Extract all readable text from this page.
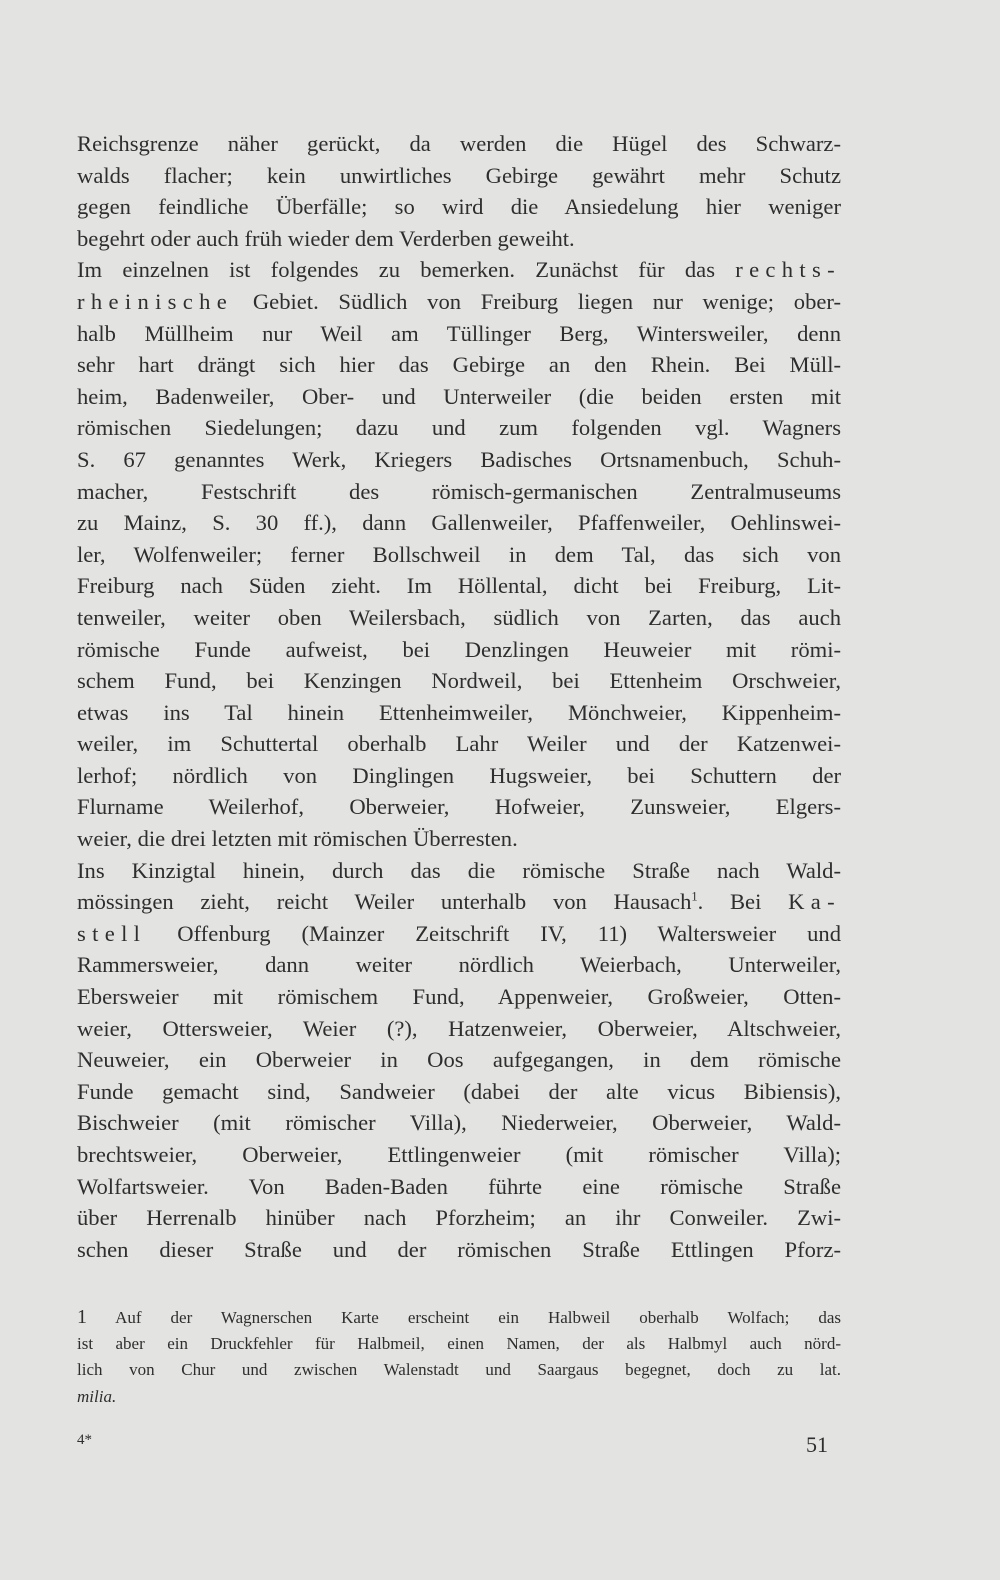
Reichsgrenze näher gerückt, da werden die Hügel des Schwarz-
walds flacher; kein unwirtliches Gebirge gewährt mehr Schutz
gegen feindliche Überfälle; so wird die Ansiedelung hier weniger
begehrt oder auch früh wieder dem Verderben geweiht.
Im einzelnen ist folgendes zu bemerken. Zunächst für das rechts-
rheinische Gebiet. Südlich von Freiburg liegen nur wenige; ober-
halb Müllheim nur Weil am Tüllinger Berg, Wintersweiler, denn
sehr hart drängt sich hier das Gebirge an den Rhein. Bei Müll-
heim, Badenweiler, Ober- und Unterweiler (die beiden ersten mit
römischen Siedelungen; dazu und zum folgenden vgl. Wagners
S. 67 genanntes Werk, Kriegers Badisches Ortsnamenbuch, Schuh-
macher, Festschrift des römisch-germanischen Zentralmuseums
zu Mainz, S. 30 ff.), dann Gallenweiler, Pfaffenweiler, Oehlinswei-
ler, Wolfenweiler; ferner Bollschweil in dem Tal, das sich von
Freiburg nach Süden zieht. Im Höllental, dicht bei Freiburg, Lit-
tenweiler, weiter oben Weilersbach, südlich von Zarten, das auch
römische Funde aufweist, bei Denzlingen Heuweier mit römi-
schem Fund, bei Kenzingen Nordweil, bei Ettenheim Orschweier,
etwas ins Tal hinein Ettenheimweiler, Mönchweier, Kippenheim-
weiler, im Schuttertal oberhalb Lahr Weiler und der Katzenwei-
lerhof; nördlich von Dinglingen Hugsweier, bei Schuttern der
Flurname Weilerhof, Oberweier, Hofweier, Zunsweier, Elgers-
weier, die drei letzten mit römischen Überresten.
Ins Kinzigtal hinein, durch das die römische Straße nach Wald-
mössingen zieht, reicht Weiler unterhalb von Hausach$^1$. Bei Ka-
stell Offenburg (Mainzer Zeitschrift IV, 11) Waltersweier und
Rammersweier, dann weiter nördlich Weierbach, Unterweiler,
Ebersweier mit römischem Fund, Appenweier, Großweier, Otten-
weier, Ottersweier, Weier (?), Hatzenweier, Oberweier, Altschweier,
Neuweier, ein Oberweier in Oos aufgegangen, in dem römische
Funde gemacht sind, Sandweier (dabei der alte vicus Bibiensis),
Bischweier (mit römischer Villa), Niederweier, Oberweier, Wald-
brechtsweier, Oberweier, Ettlingenweier (mit römischer Villa);
Wolfartsweier. Von Baden-Baden führte eine römische Straße
über Herrenalb hinüber nach Pforzheim; an ihr Conweiler. Zwi-
schen dieser Straße und der römischen Straße Ettlingen Pforz-
1 Auf der Wagnerschen Karte erscheint ein Halbweil oberhalb Wolfach; das
ist aber ein Druckfehler für Halbmeil, einen Namen, der als Halbmyl auch nörd-
lich von Chur und zwischen Walenstadt und Saargaus begegnet, doch zu lat.
milia.
4*	51
